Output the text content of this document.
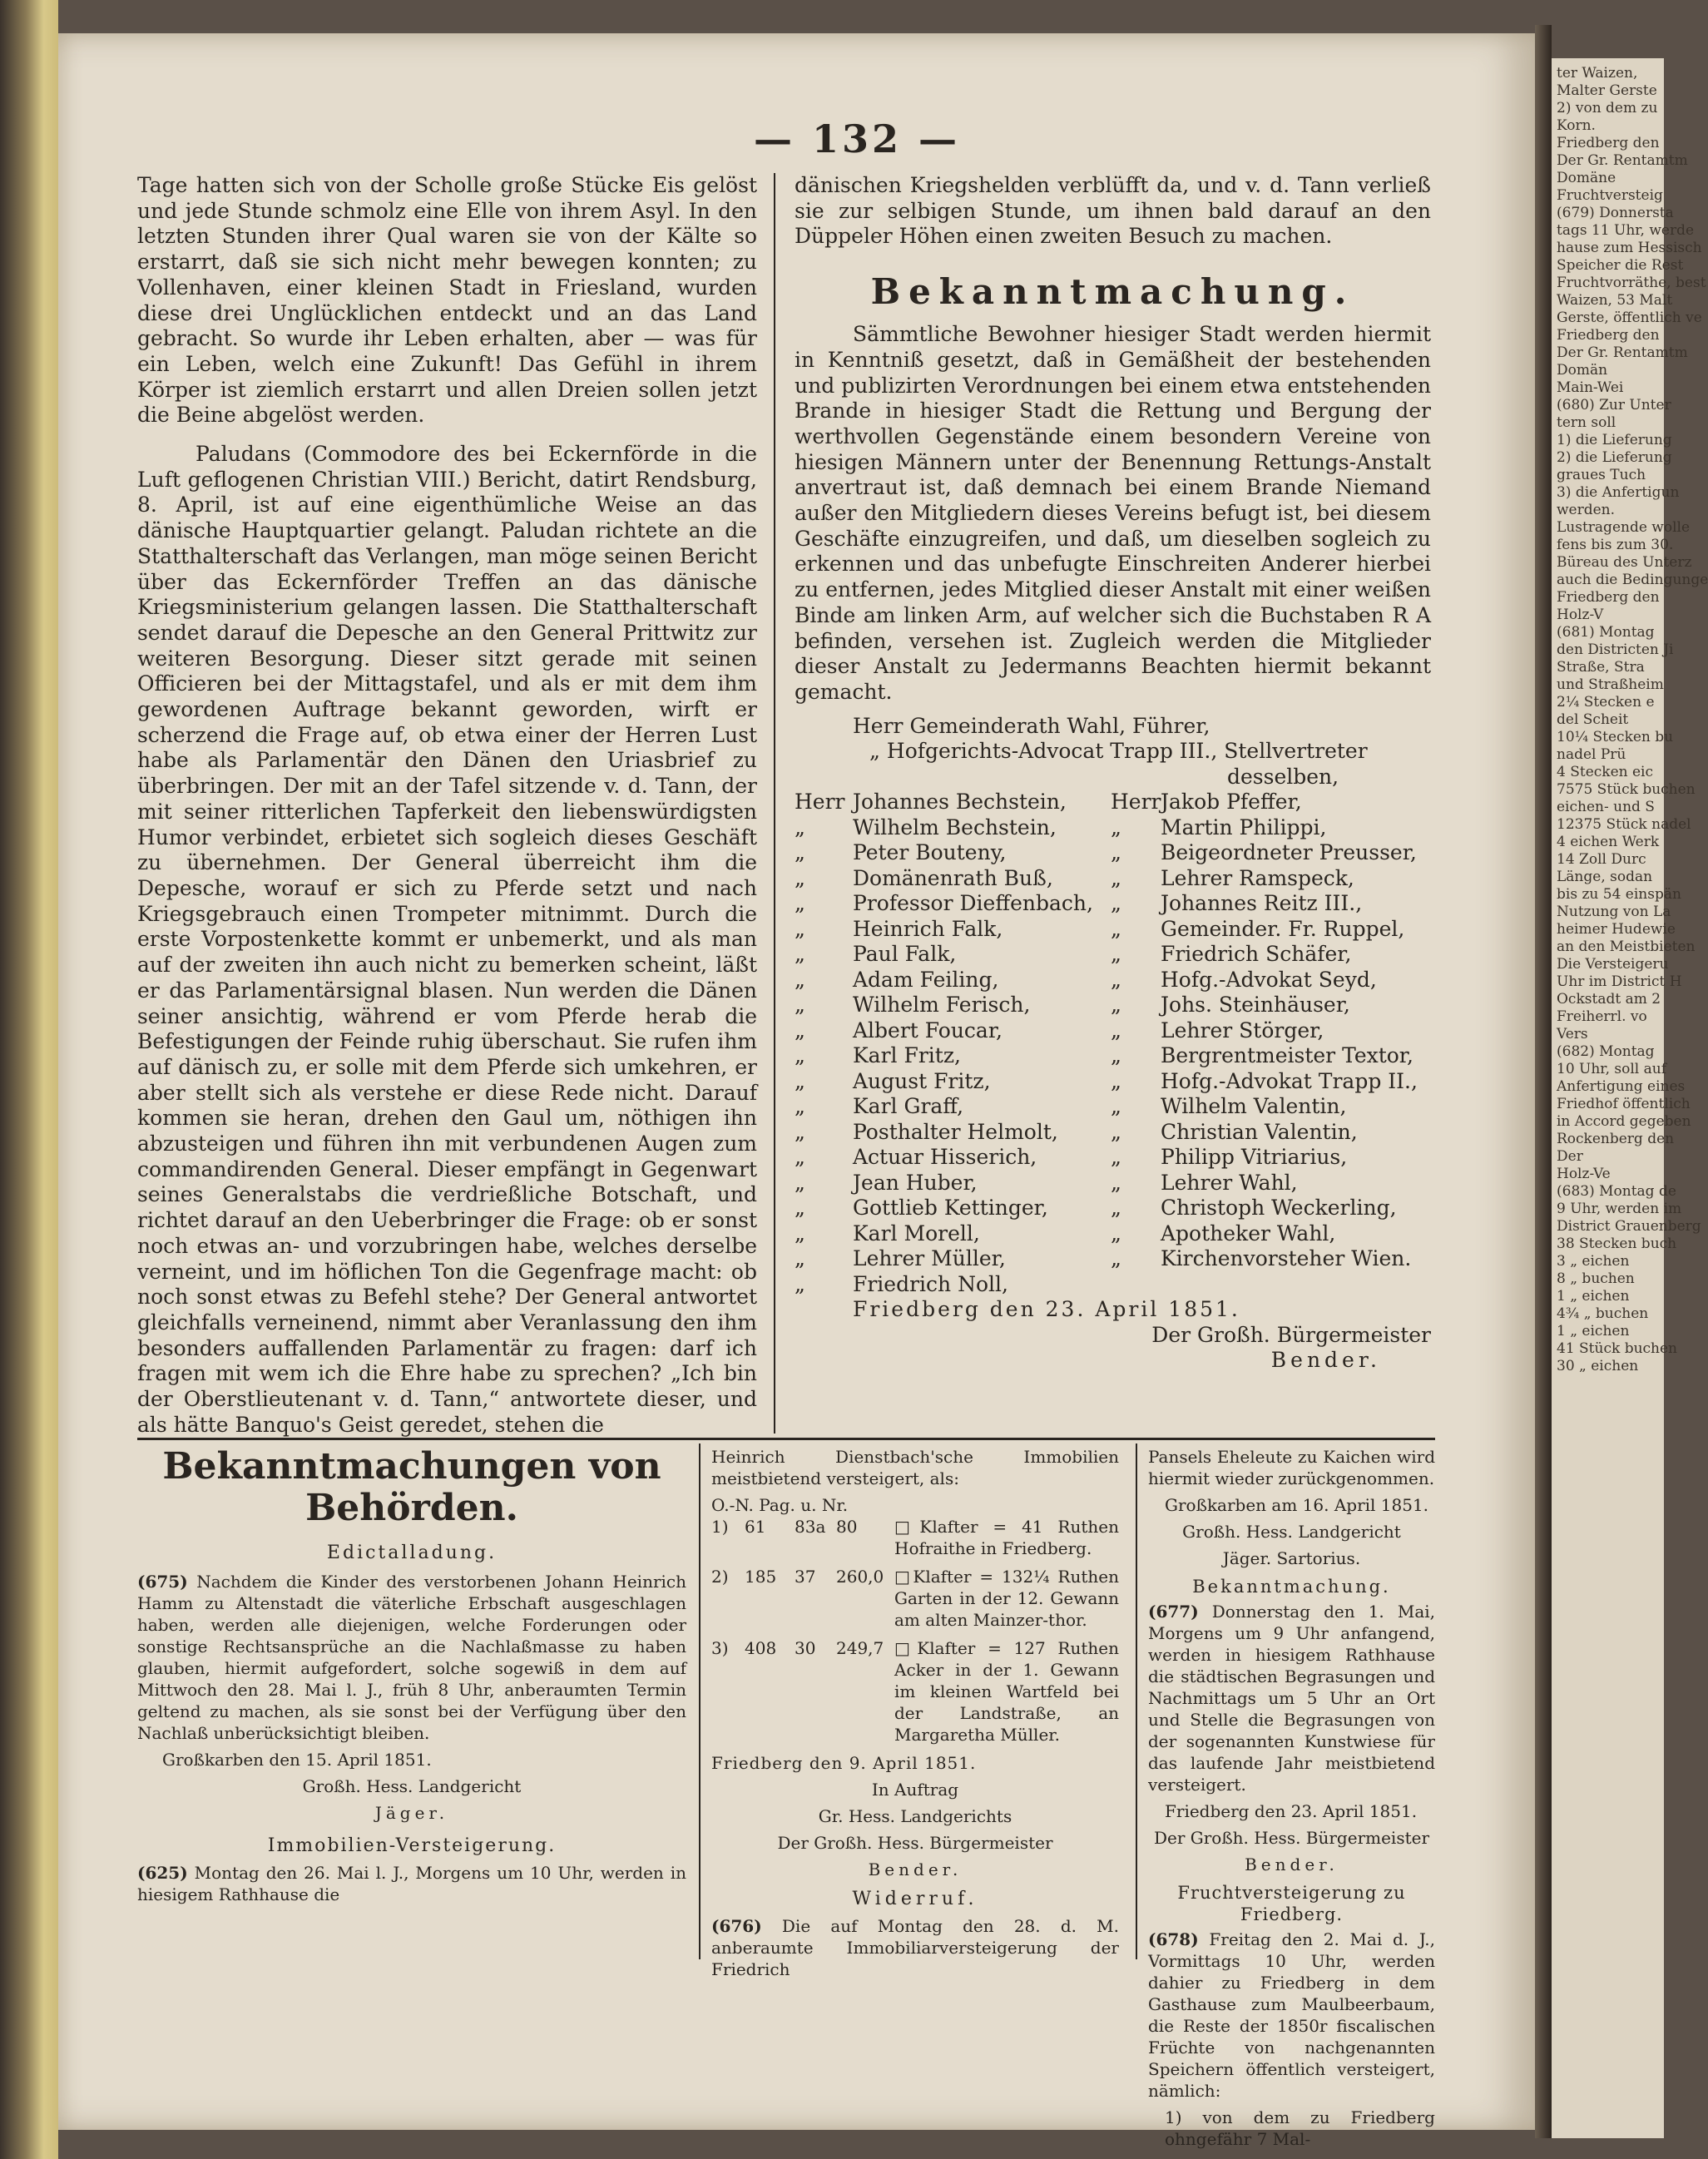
— 132 —

Tage hatten sich von der Scholle große Stücke Eis gelöst und jede Stunde schmolz eine Elle von ihrem Asyl. In den letzten Stunden ihrer Qual waren sie von der Kälte so erstarrt, daß sie sich nicht mehr bewegen konnten; zu Vollenhaven, einer kleinen Stadt in Friesland, wurden diese drei Unglücklichen entdeckt und an das Land gebracht. So wurde ihr Leben erhalten, aber — was für ein Leben, welch eine Zukunft! Das Gefühl in ihrem Körper ist ziemlich erstarrt und allen Dreien sollen jetzt die Beine abgelöst werden.

Paludans (Commodore des bei Eckernförde in die Luft geflogenen Christian VIII.) Bericht, datirt Rendsburg, 8. April, ist auf eine eigenthümliche Weise an das dänische Hauptquartier gelangt. Paludan richtete an die Statthalterschaft das Verlangen, man möge seinen Bericht über das Eckernförder Treffen an das dänische Kriegsministerium gelangen lassen. Die Statthalterschaft sendet darauf die Depesche an den General Prittwitz zur weiteren Besorgung. Dieser sitzt gerade mit seinen Officieren bei der Mittagstafel, und als er mit dem ihm gewordenen Auftrage bekannt geworden, wirft er scherzend die Frage auf, ob etwa einer der Herren Lust habe als Parlamentär den Dänen den Uriasbrief zu überbringen. Der mit an der Tafel sitzende v. d. Tann, der mit seiner ritterlichen Tapferkeit den liebenswürdigsten Humor verbindet, erbietet sich sogleich dieses Geschäft zu übernehmen. Der General überreicht ihm die Depesche, worauf er sich zu Pferde setzt und nach Kriegsgebrauch einen Trompeter mitnimmt. Durch die erste Vorpostenkette kommt er unbemerkt, und als man auf der zweiten ihn auch nicht zu bemerken scheint, läßt er das Parlamentärsignal blasen. Nun werden die Dänen seiner ansichtig, während er vom Pferde herab die Befestigungen der Feinde ruhig überschaut. Sie rufen ihm auf dänisch zu, er solle mit dem Pferde sich umkehren, er aber stellt sich als verstehe er diese Rede nicht. Darauf kommen sie heran, drehen den Gaul um, nöthigen ihn abzusteigen und führen ihn mit verbundenen Augen zum commandirenden General. Dieser empfängt in Gegenwart seines Generalstabs die verdrießliche Botschaft, und richtet darauf an den Ueberbringer die Frage: ob er sonst noch etwas an- und vorzubringen habe, welches derselbe verneint, und im höflichen Ton die Gegenfrage macht: ob noch sonst etwas zu Befehl stehe? Der General antwortet gleichfalls verneinend, nimmt aber Veranlassung den ihm besonders auffallenden Parlamentär zu fragen: darf ich fragen mit wem ich die Ehre habe zu sprechen? „Ich bin der Oberstlieutenant v. d. Tann,“ antwortete dieser, und als hätte Banquo's Geist geredet, stehen die

dänischen Kriegshelden verblüfft da, und v. d. Tann verließ sie zur selbigen Stunde, um ihnen bald darauf an den Düppeler Höhen einen zweiten Besuch zu machen.
Bekanntmachung.
Sämmtliche Bewohner hiesiger Stadt werden hiermit in Kenntniß gesetzt, daß in Gemäßheit der bestehenden und publizirten Verordnungen bei einem etwa entstehenden Brande in hiesiger Stadt die Rettung und Bergung der werthvollen Gegenstände einem besondern Vereine von hiesigen Männern unter der Benennung Rettungs-Anstalt anvertraut ist, daß demnach bei einem Brande Niemand außer den Mitgliedern dieses Vereins befugt ist, bei diesem Geschäfte einzugreifen, und daß, um dieselben sogleich zu erkennen und das unbefugte Einschreiten Anderer hierbei zu entfernen, jedes Mitglied dieser Anstalt mit einer weißen Binde am linken Arm, auf welcher sich die Buchstaben R A befinden, versehen ist. Zugleich werden die Mitglieder dieser Anstalt zu Jedermanns Beachten hiermit bekannt gemacht.
Herr Gemeinderath Wahl, Führer,
„ Hofgerichts-Advocat Trapp III., Stellvertreter
desselben,
Herr Johannes Bechstein,	Herr Jakob Pfeffer,
„	Wilhelm Bechstein,	„	Martin Philippi,
„	Peter Bouteny,	„	Beigeordneter Preusser,
„	Domänenrath Buß,	„	Lehrer Ramspeck,
„	Professor Dieffenbach, „	Johannes Reitz III.,
„	Heinrich Falk,	„	Gemeinder. Fr. Ruppel,
„	Paul Falk,	„	Friedrich Schäfer,
„	Adam Feiling,	„	Hofg.-Advokat Seyd,
„	Wilhelm Ferisch,	„	Johs. Steinhäuser,
„	Albert Foucar,	„	Lehrer Störger,
„	Karl Fritz,	„	Bergrentmeister Textor,
„	August Fritz,	„	Hofg.-Advokat Trapp II.,
„	Karl Graff,	„	Wilhelm Valentin,
„	Posthalter Helmolt,	„	Christian Valentin,
„	Actuar Hisserich,	„	Philipp Vitriarius,
„	Jean Huber,	„	Lehrer Wahl,
„	Gottlieb Kettinger,	„	Christoph Weckerling,
„	Karl Morell,	„	Apotheker Wahl,
„	Lehrer Müller,	„	Kirchenvorsteher Wien.
„	Friedrich Noll,
Friedberg den 23. April 1851.
Der Großh. Bürgermeister
Bender.
Bekanntmachungen von Behörden.
Edictalladung.

(675) Nachdem die Kinder des verstorbenen Johann Heinrich Hamm zu Altenstadt die väterliche Erbschaft ausgeschlagen haben, werden alle diejenigen, welche Forderungen oder sonstige Rechtsansprüche an die Nachlaßmasse zu haben glauben, hiermit aufgefordert, solche sogewiß in dem auf Mittwoch den 28. Mai l. J., früh 8 Uhr, anberaumten Termin geltend zu machen, als sie sonst bei der Verfügung über den Nachlaß unberücksichtigt bleiben.

Großkarben den 15. April 1851.

Großh. Hess. Landgericht

Jäger.

Immobilien-Versteigerung.

(625) Montag den 26. Mai l. J., Morgens um 10 Uhr, werden in hiesigem Rathhause die

Heinrich Dienstbach'sche Immobilien meistbietend versteigert, als:

O.-N. Pag. u. Nr.
1) 61	83a 80	□Klafter = 41 Ruthen Hofraithe in Friedberg.
2) 185	37	260,0 □Klafter = 132¼ Ruthen Garten in der 12. Gewann am alten Mainzer-thor.
3) 408	30	249,7 □Klafter = 127 Ruthen Acker in der 1. Gewann im kleinen Wartfeld bei der Landstraße, an Margaretha Müller.

Friedberg den 9. April 1851.

In Auftrag

Gr. Hess. Landgerichts

Der Großh. Hess. Bürgermeister

Bender.

Widerruf.

(676) Die auf Montag den 28. d. M. anberaumte Immobiliarversteigerung der Friedrich

Pansels Eheleute zu Kaichen wird hiermit wieder zurückgenommen.

Großkarben am 16. April 1851.

Großh. Hess. Landgericht

Jäger. Sartorius.

Bekanntmachung.

(677) Donnerstag den 1. Mai, Morgens um 9 Uhr anfangend, werden in hiesigem Rathhause die städtischen Begrasungen und Nachmittags um 5 Uhr an Ort und Stelle die Begrasungen von der sogenannten Kunstwiese für das laufende Jahr meistbietend versteigert.

Friedberg den 23. April 1851.

Der Großh. Hess. Bürgermeister

Bender.

Fruchtversteigerung zu Friedberg.

(678) Freitag den 2. Mai d. J., Vormittags 10 Uhr, werden dahier zu Friedberg in dem Gasthause zum Maulbeerbaum, die Reste der 1850r fiscalischen Früchte von nachgenannten Speichern öffentlich versteigert, nämlich:

1) von dem zu Friedberg ohngefähr 7 Mal-

ter Waizen,
Malter Gerste
2) von dem zu
Korn.
Friedberg den
Der Gr. Rentamtm
Domäne
Fruchtversteig
(679) Donnersta
tags 11 Uhr, werde
hause zum Hessisch
Speicher die Rest
Fruchtvorräthe, best
Waizen, 53 Malt
Gerste, öffentlich ve
Friedberg den
Der Gr. Rentamtm
Domän
Main-Wei
(680) Zur Unter
tern soll
1) die Lieferung
2) die Lieferung
graues Tuch
3) die Anfertigun
werden.
Lustragende wolle
fens bis zum 30.
Büreau des Unterz
auch die Bedingunge
Friedberg den
Holz-V
(681) Montag
den Districten Ji
Straße, Stra
und Straßheim
2¼ Stecken e
del Scheit
10¼ Stecken bu
nadel Prü
4 Stecken eic
7575 Stück buchen
eichen- und S
12375 Stück nadel
4 eichen Werk
14 Zoll Durc
Länge, sodan
bis zu 54 einspän
Nutzung von La
heimer Hudewie
an den Meistbieten
Die Versteigeru
Uhr im District H
Ockstadt am 2
Freiherrl. vo
Vers
(682) Montag
10 Uhr, soll auf
Anfertigung eines
Friedhof öffentlich
in Accord gegeben
Rockenberg den
Der
Holz-Ve
(683) Montag de
9 Uhr, werden im
District Grauenberg
38 Stecken buch
3 „ eichen
8 „ buchen
1 „ eichen
4¾ „ buchen
1 „ eichen
41 Stück buchen
30 „ eichen
